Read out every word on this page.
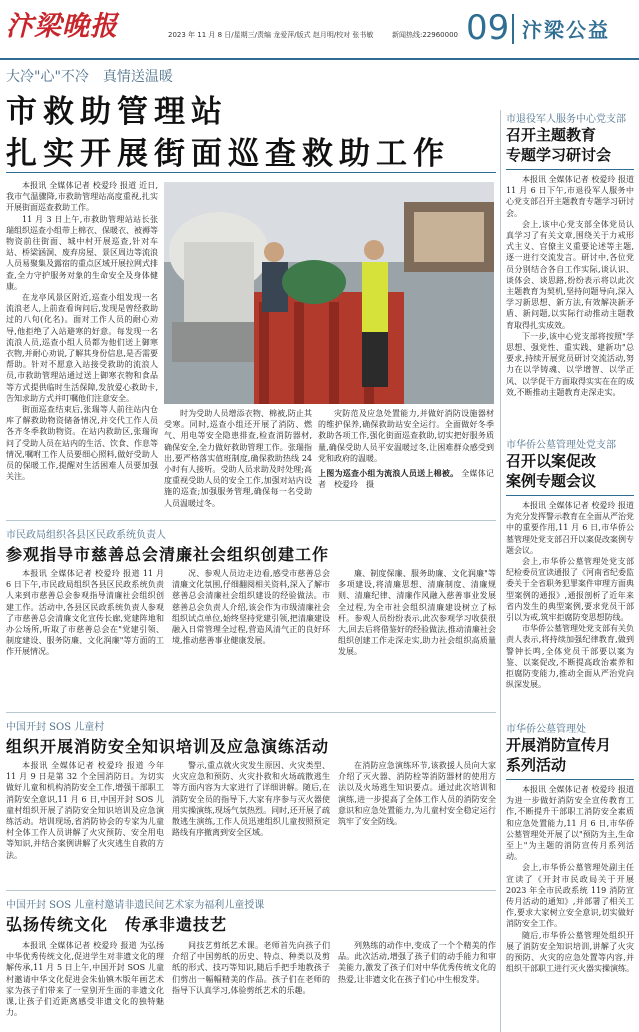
汴梁晚报	2023 年 11 月 8 日/星期三/责编 龙爱萍/版式 赵月明/校对 张书敏	新闻热线:22960000 09 汴梁公益
大冷"心"不冷　真情送温暖
市救助管理站
扎实开展街面巡查救助工作

本报讯 全媒体记者 校爱玲 报道 近日,我市气温骤降,市救助管理站高度重视,扎实开展街面巡查救助工作。

11 月 3 日上午,市救助管理站站长张瑞组织巡查小组带上棉衣、保暖衣、被褥等物资前往街面、城中村开展巡查,针对车站、桥梁涵洞、废弃房屋、景区周边等流浪人员易聚集及露宿的重点区域开展拉网式排查,全力守护服务对象的生命安全及身体健康。

在龙亭风景区附近,巡查小组发现一名流浪老人,上前查看询问后,发现是曾经救助过的八旬(化名)。面对工作人员的耐心劝导,他拒绝了入站避寒的好意。每发现一名流浪人员,巡查小组人员都为他们送上御寒衣物,并耐心劝说,了解其身份信息,是否需要帮助。针对不愿意入站接受救助的流浪人员,市救助管理站通过送上御寒衣物和食品等方式提供临时生活保障,发放爱心救助卡,告知求助方式并叮嘱他们注意安全。

街面巡查结束后,张瑞等人前往站内仓库了解救助物资储备情况,并交代工作人员各齐冬季救助物资。在站内救助区,张瑞询问了受助人员在站内的生活、饮食、作息等情况,嘱咐工作人员要细心照料,做好受助人员的保暖工作,提醒对生活困难人员要加强关注。

时为受助人员增添衣物、棉被,防止其受寒。同时,巡查小组还开展了消防、燃气、用电等安全隐患排查,检查消防器材,确保安全,全力做好救助管理工作。张瑞指出,要严格落实值班制度,确保救助热线 24 小时有人接听。受助人员求助及时处理;高度重视受助人员的安全工作,加强对站内设施的巡查;加强服务管理,确保每一名受助人员温暖过冬。

灾防范及应急处置能力,并做好消防设施器材的维护保养,确保救助站安全运行。全面做好冬季救助各项工作,强化街面巡查救助,切实把好服务质量,确保受助人员平安温暖过冬,让困难群众感受到党和政府的温暖。

上图为巡查小组为流浪人员送上棉被。 全媒体记者　校爱玲　摄
市退役军人服务中心党支部
召开主题教育
专题学习研讨会

本报讯 全媒体记者 校爱玲 报道 11 月 6 日下午,市退役军人服务中心党支部召开主题教育专题学习研讨会。

会上,该中心党支部全体党员认真学习了有关文章,围绕关于力戒形式主义、官僚主义重要论述等主题,逐一进行交流发言。研讨中,各位党员分别结合各自工作实际,谈认识、谈体会、谈思路,纷纷表示将以此次主题教育为契机,坚持问题导向,深入学习新思想、新方法,有效解决新矛盾、新问题,以实际行动推动主题教育取得扎实成效。

下一步,该中心党支部将按照"学思想、强党性、重实践、建新功"总要求,持续开展党员研讨交流活动,努力在以学铸魂、以学增智、以学正风、以学促干方面取得实实在在的成效,不断推动主题教育走深走实。

市华侨公墓管理处党支部
召开以案促改
案例专题会议

本报讯 全媒体记者 校爱玲 报道 为充分发挥警示教育在全面从严治党中的重要作用,11 月 6 日,市华侨公墓管理处党支部召开以案促改案例专题会议。

会上,市华侨公墓管理处党支部纪检委员宣读通报了《河南省纪委监委关于全省职务犯罪案件审理方面典型案例的通报》,通报剖析了近年来省内发生的典型案例,要求党员干部引以为戒,筑牢拒腐防变思想防线。

市华侨公墓管理处党支部有关负责人表示,将持续加强纪律教育,做到警钟长鸣,全体党员干部要以案为鉴、以案促改,不断提高政治素养和拒腐防变能力,推动全面从严治党向纵深发展。

市华侨公墓管理处
开展消防宣传月
系列活动

本报讯 全媒体记者 校爱玲 报道 为进一步做好消防安全宣传教育工作,不断提升干部职工消防安全素质和应急处置能力,11 月 6 日,市华侨公墓管理处开展了以"预防为主,生命至上"为主题的消防宣传月系列活动。

会上,市华侨公墓管理处副主任宣读了《开封市民政局关于开展 2023 年全市民政系统 119 消防宣传月活动的通知》,并部署了相关工作,要求大家树立安全意识,切实做好消防安全工作。

随后,市华侨公墓管理处组织开展了消防安全知识培训,讲解了火灾的预防、火灾的应急处置等内容,并组织干部职工进行灭火器实操演练。

市民政局组织各县区民政系统负责人
参观指导市慈善总会清廉社会组织创建工作

本报讯 全媒体记者 校爱玲 报道 11 月 6 日下午,市民政局组织各县区民政系统负责人来到市慈善总会参观指导清廉社会组织创建工作。活动中,各县区民政系统负责人参观了市慈善总会清廉文化宣传长廊,党建阵地和办公场所,听取了市慈善总会在"党建引领、制度建设、服务防廉、文化润廉"等方面的工作开展情况。

况、参观人员边走边看,感受市慈善总会清廉文化氛围,仔细翻阅相关资料,深入了解市慈善总会清廉社会组织建设的经验做法。市慈善总会负责人介绍,该会作为市级清廉社会组织试点单位,始终坚持党建引领,把清廉建设融入日常管理全过程,营造风清气正的良好环境,推动慈善事业健康发展。

廉、制度保廉、服务助廉、文化润廉"等多项建设,将清廉思想、清廉制度、清廉规则、清廉纪律、清廉作风融入慈善事业发展全过程,为全市社会组织清廉建设树立了标杆。参观人员纷纷表示,此次参观学习收获很大,回去后将借鉴好的经验做法,推动清廉社会组织创建工作走深走实,助力社会组织高质量发展。

中国开封 SOS 儿童村
组织开展消防安全知识培训及应急演练活动

本报讯 全媒体记者 校爱玲 报道 今年 11 月 9 日是第 32 个全国消防日。为切实做好儿童和机构消防安全工作,增强干部职工消防安全意识,11 月 6 日,中国开封 SOS 儿童村组织开展了消防安全知识培训及应急演练活动。培训现场,省消防协会的专家为儿童村全体工作人员讲解了火灾预防、安全用电等知识,并结合案例讲解了火灾逃生自救的方法。

警示,重点就火灾发生原因、火灾类型、火灾应急和预防、火灾扑救和火场疏散逃生等方面内容为大家进行了详细讲解。随后,在消防安全员的指导下,大家有序参与灭火器使用实操演练,现场气氛热烈。同时,还开展了疏散逃生演练,工作人员迅速组织儿童按照预定路线有序撤离到安全区域。

在消防应急演练环节,该救援人员向大家介绍了灭火器、消防栓等消防器材的使用方法以及火场逃生知识要点。通过此次培训和演练,进一步提高了全体工作人员的消防安全意识和应急处置能力,为儿童村安全稳定运行筑牢了安全防线。

中国开封 SOS 儿童村邀请非遗民间艺术家为福利儿童授课
弘扬传统文化　传承非遗技艺

本报讯 全媒体记者 校爱玲 报道 为弘扬中华优秀传统文化,促进学生对非遗文化的理解传承,11 月 5 日上午,中国开封 SOS 儿童村邀请中华文化促进会朱仙镇木版年画艺术家为孩子们带来了一堂别开生面的非遗文化课,让孩子们近距离感受非遗文化的独特魅力。

间技艺剪纸艺术课。老师首先向孩子们介绍了中国剪纸的历史、特点、种类以及剪纸的形式、技巧等知识,随后手把手地教孩子们剪出一幅幅精美的作品。孩子们在老师的指导下认真学习,体验剪纸艺术的乐趣。

列熟练的动作中,变成了一个个精美的作品。此次活动,增强了孩子们的动手能力和审美能力,激发了孩子们对中华优秀传统文化的热爱,让非遗文化在孩子们心中生根发芽。
